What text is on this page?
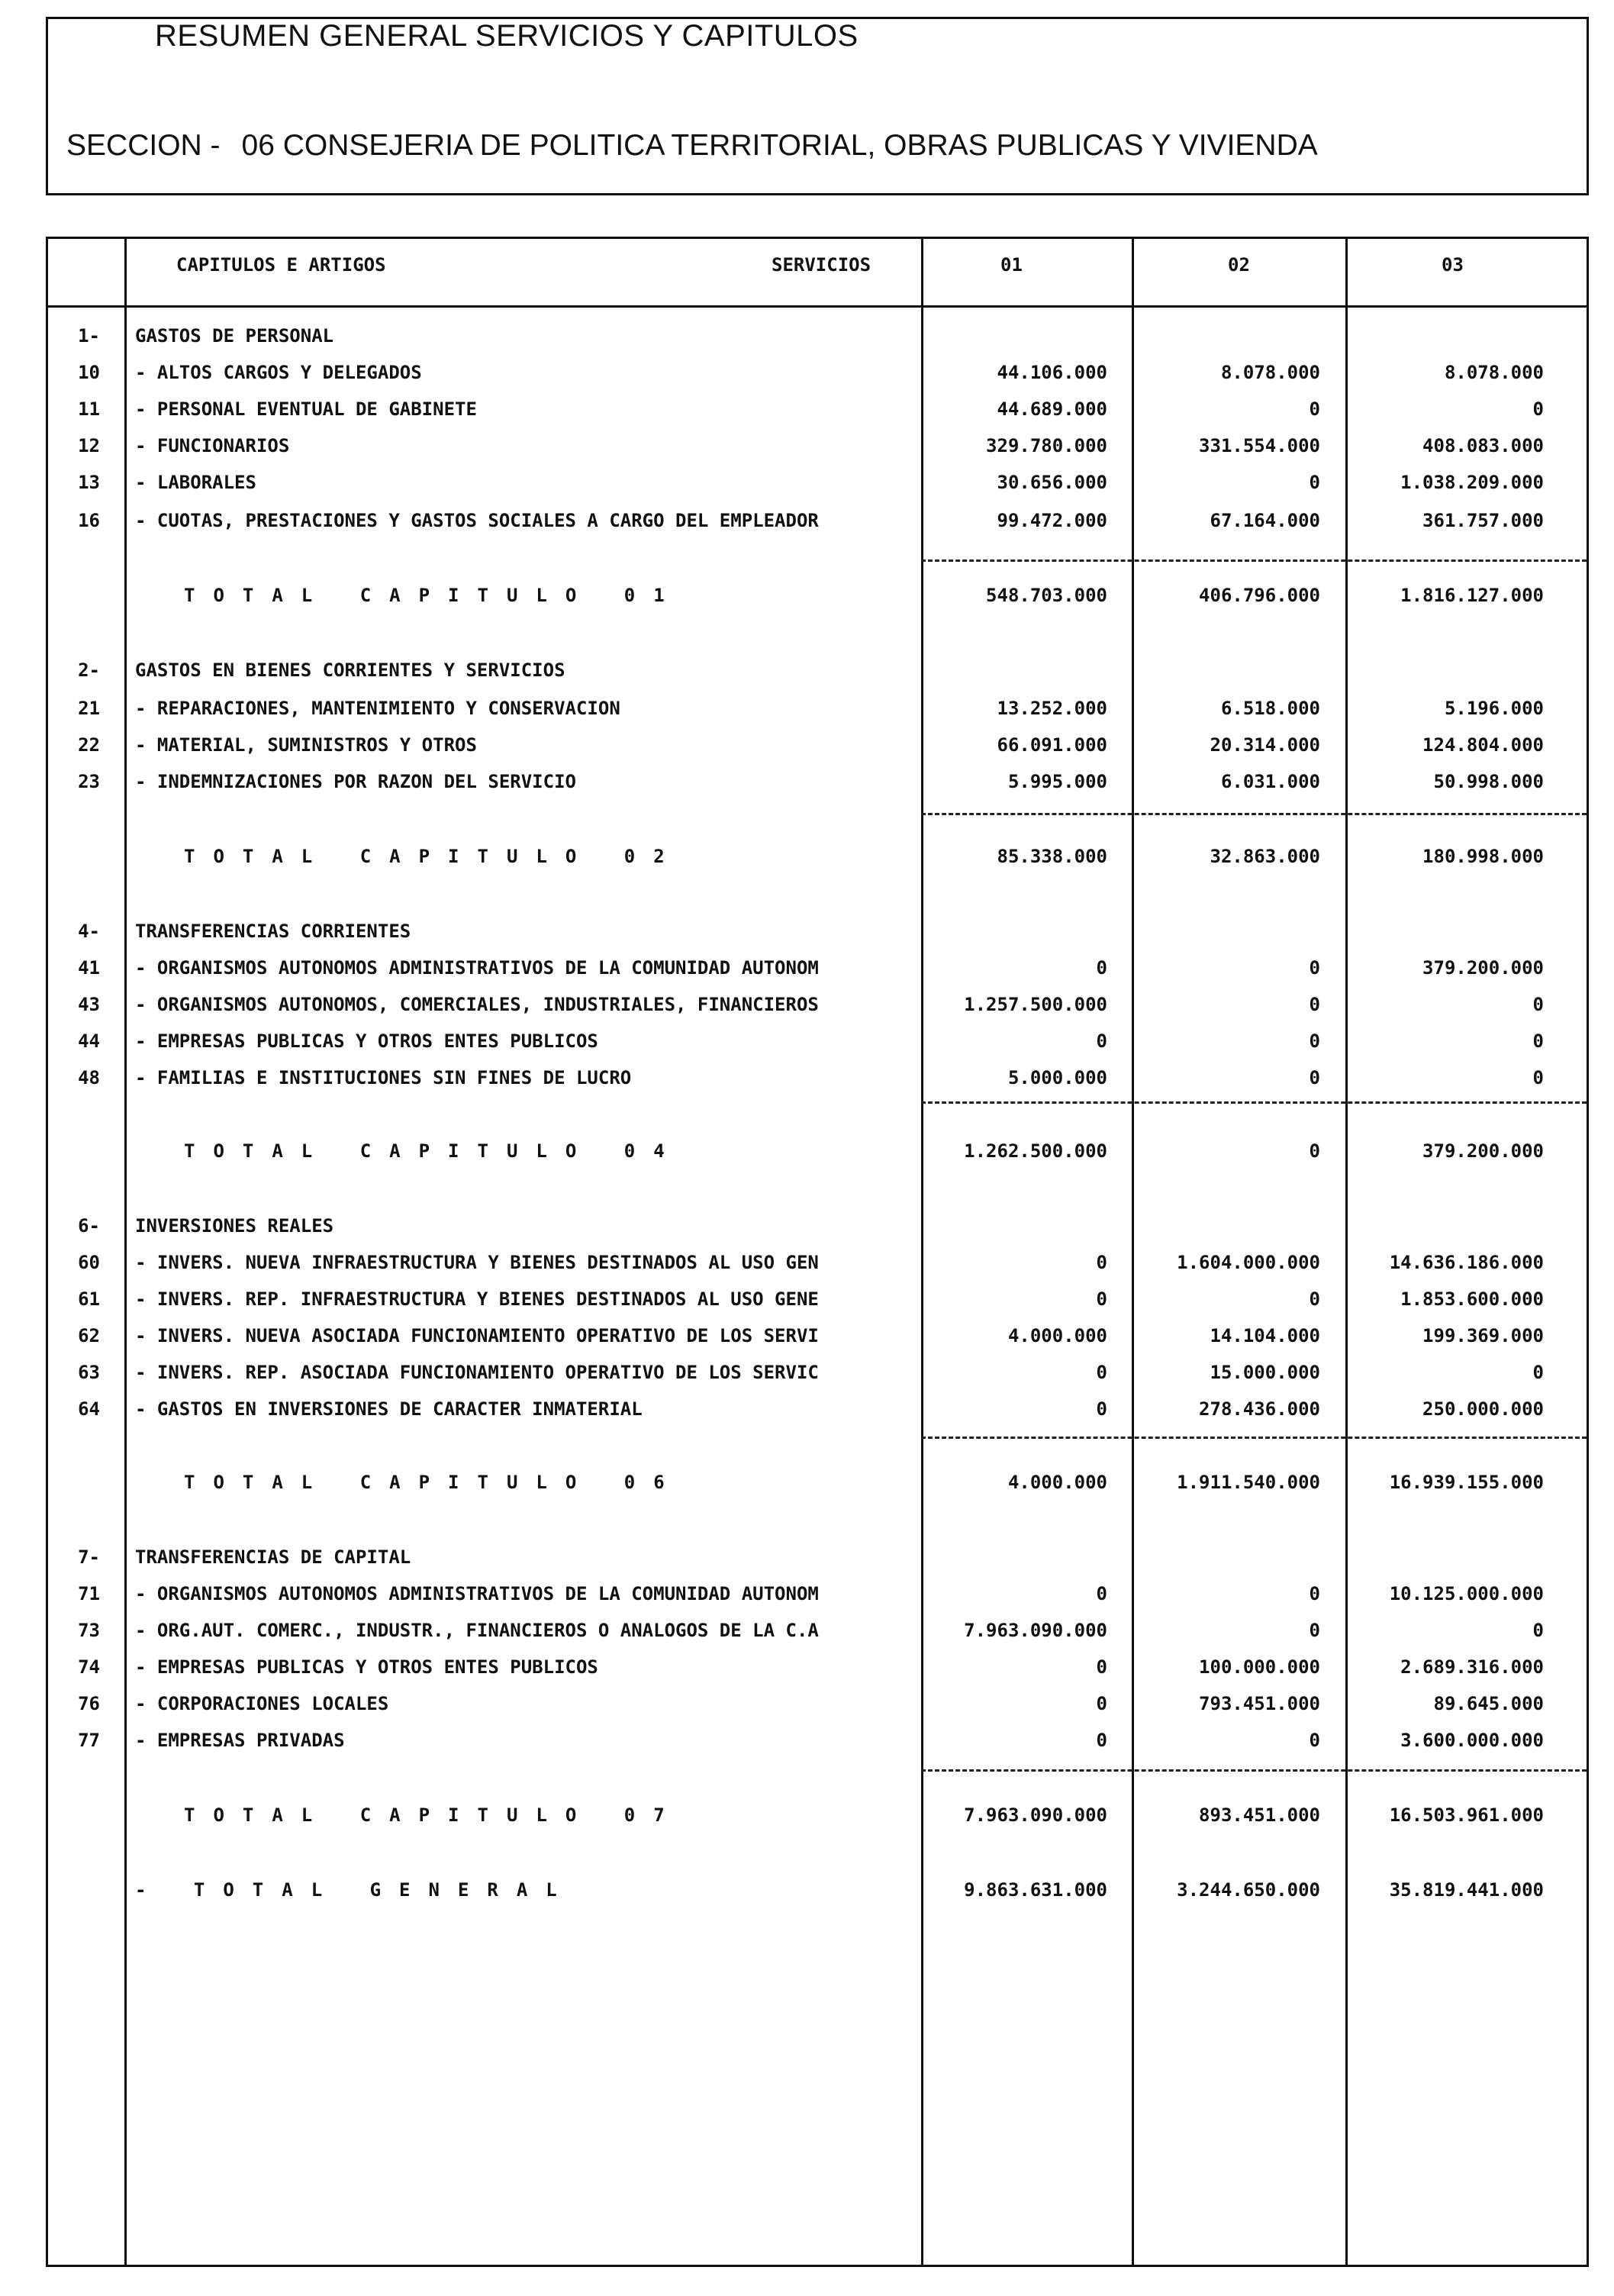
RESUMEN GENERAL SERVICIOS Y CAPITULOS
SECCION - 06 CONSEJERIA DE POLITICA TERRITORIAL, OBRAS PUBLICAS Y VIVIENDA
CAPITULOS E ARTIGOS	SERVICIOS	01	02	03
1- GASTOS DE PERSONAL
10 - ALTOS CARGOS Y DELEGADOS	44.106.000	8.078.000	8.078.000
11 - PERSONAL EVENTUAL DE GABINETE	44.689.000	0	0
12 - FUNCIONARIOS	329.780.000	331.554.000	408.083.000
13 - LABORALES	30.656.000	0	1.038.209.000
16 - CUOTAS, PRESTACIONES Y GASTOS SOCIALES A CARGO DEL EMPLEADOR	99.472.000	67.164.000	361.757.000
TOTAL CAPITULO 01	548.703.000	406.796.000	1.816.127.000
2- GASTOS EN BIENES CORRIENTES Y SERVICIOS
21 - REPARACIONES, MANTENIMIENTO Y CONSERVACION	13.252.000	6.518.000	5.196.000
22 - MATERIAL, SUMINISTROS Y OTROS	66.091.000	20.314.000	124.804.000
23 - INDEMNIZACIONES POR RAZON DEL SERVICIO	5.995.000	6.031.000	50.998.000
TOTAL CAPITULO 02	85.338.000	32.863.000	180.998.000
4- TRANSFERENCIAS CORRIENTES
41 - ORGANISMOS AUTONOMOS ADMINISTRATIVOS DE LA COMUNIDAD AUTONOM	0	0	379.200.000
43 - ORGANISMOS AUTONOMOS, COMERCIALES, INDUSTRIALES, FINANCIEROS	1.257.500.000	0	0
44 - EMPRESAS PUBLICAS Y OTROS ENTES PUBLICOS	0	0	0
48 - FAMILIAS E INSTITUCIONES SIN FINES DE LUCRO	5.000.000	0	0
TOTAL CAPITULO 04	1.262.500.000	0	379.200.000
6- INVERSIONES REALES
60 - INVERS. NUEVA INFRAESTRUCTURA Y BIENES DESTINADOS AL USO GEN	0	1.604.000.000	14.636.186.000
61 - INVERS. REP. INFRAESTRUCTURA Y BIENES DESTINADOS AL USO GENE	0	0	1.853.600.000
62 - INVERS. NUEVA ASOCIADA FUNCIONAMIENTO OPERATIVO DE LOS SERVI	4.000.000	14.104.000	199.369.000
63 - INVERS. REP. ASOCIADA FUNCIONAMIENTO OPERATIVO DE LOS SERVIC	0	15.000.000	0
64 - GASTOS EN INVERSIONES DE CARACTER INMATERIAL	0	278.436.000	250.000.000
TOTAL CAPITULO 06	4.000.000	1.911.540.000	16.939.155.000
7- TRANSFERENCIAS DE CAPITAL
71 - ORGANISMOS AUTONOMOS ADMINISTRATIVOS DE LA COMUNIDAD AUTONOM	0	0	10.125.000.000
73 - ORG.AUT. COMERC., INDUSTR., FINANCIEROS O ANALOGOS DE LA C.A	7.963.090.000	0	0
74 - EMPRESAS PUBLICAS Y OTROS ENTES PUBLICOS	0	100.000.000	2.689.316.000
76 - CORPORACIONES LOCALES	0	793.451.000	89.645.000
77 - EMPRESAS PRIVADAS	0	0	3.600.000.000
TOTAL CAPITULO 07	7.963.090.000	893.451.000	16.503.961.000
- TOTAL GENERAL	9.863.631.000	3.244.650.000	35.819.441.000
